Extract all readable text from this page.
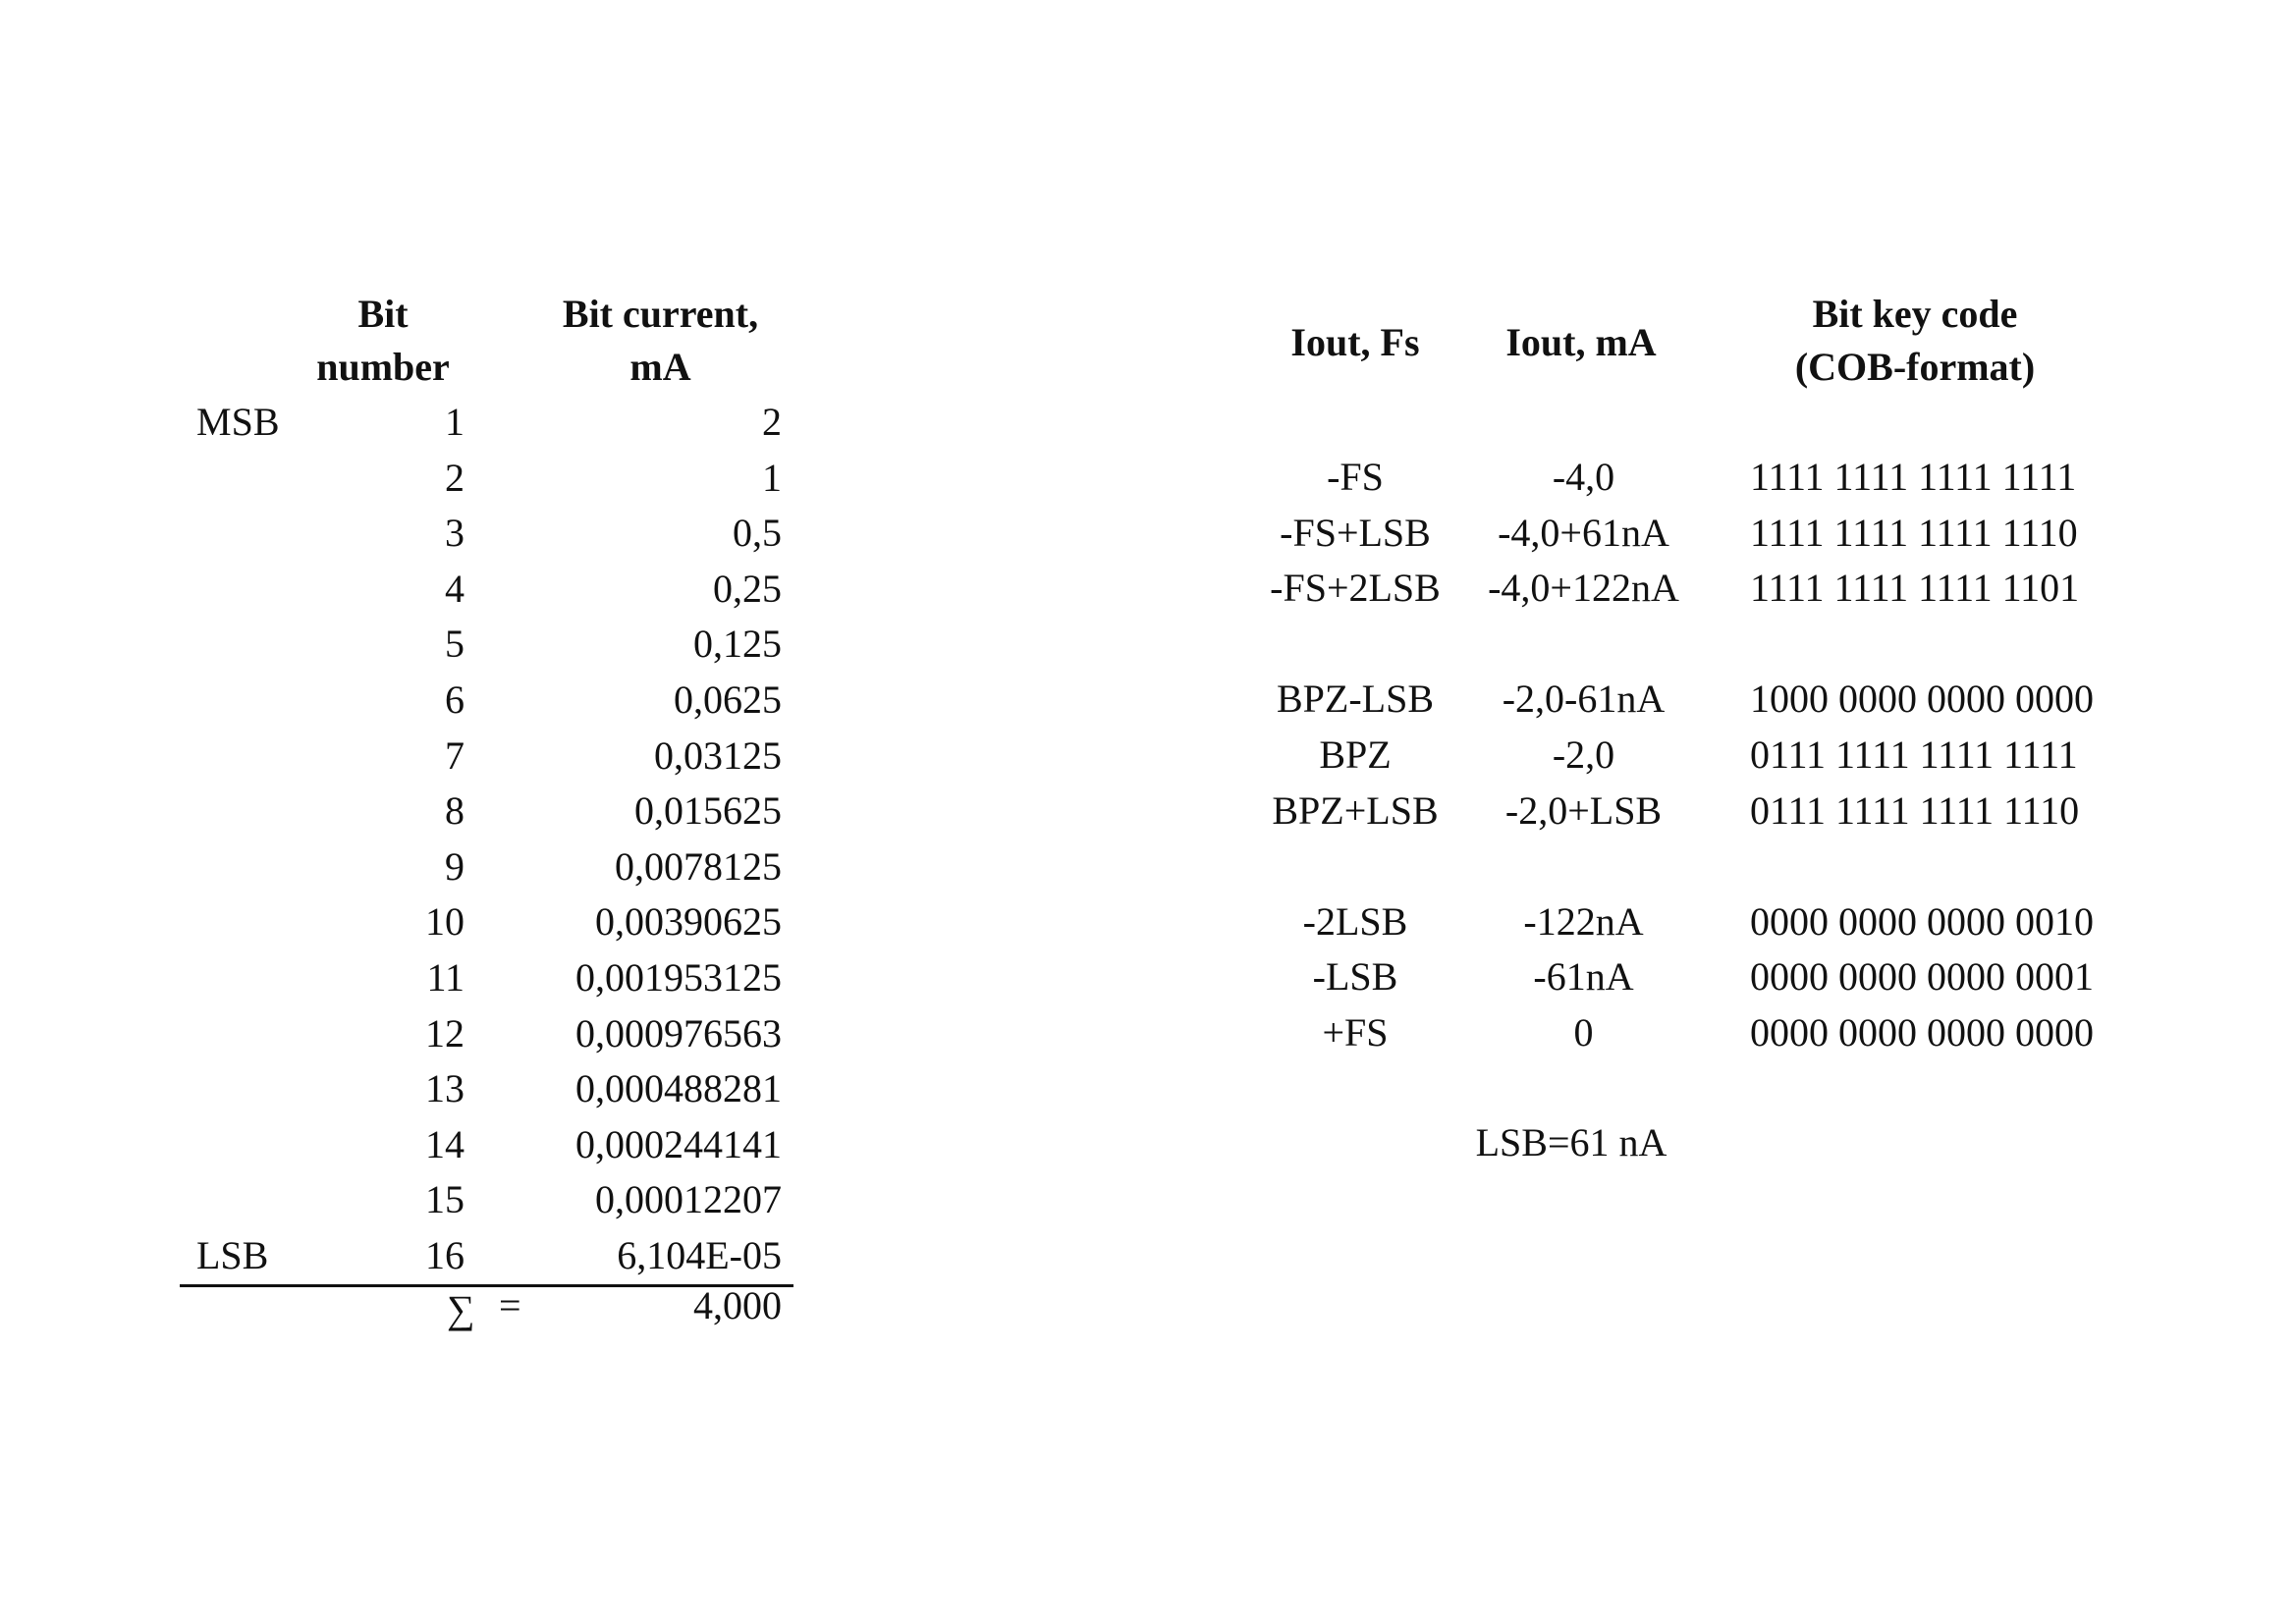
Bit
number
Bit current,
mA
MSB	1	2
2	1
3	0,5
4	0,25
5	0,125
6	0,0625
7	0,03125
8	0,015625
9	0,0078125
10	0,00390625
11	0,001953125
12	0,000976563
13	0,000488281
14	0,000244141
15	0,00012207
LSB	16	6,104E-05
∑ =	4,000
Iout, Fs	Iout, mA
Bit key code
(COB-format)
-FS	-4,0	1111 1111 1111 1111
-FS+LSB	-4,0+61nA	1111 1111 1111 1110
-FS+2LSB	-4,0+122nA	1111 1111 1111 1101
BPZ-LSB	-2,0-61nA	1000 0000 0000 0000
BPZ	-2,0	0111 1111 1111 1111
BPZ+LSB	-2,0+LSB	0111 1111 1111 1110
-2LSB	-122nA	0000 0000 0000 0010
-LSB	-61nA	0000 0000 0000 0001
+FS	0	0000 0000 0000 0000
LSB=61 nA
